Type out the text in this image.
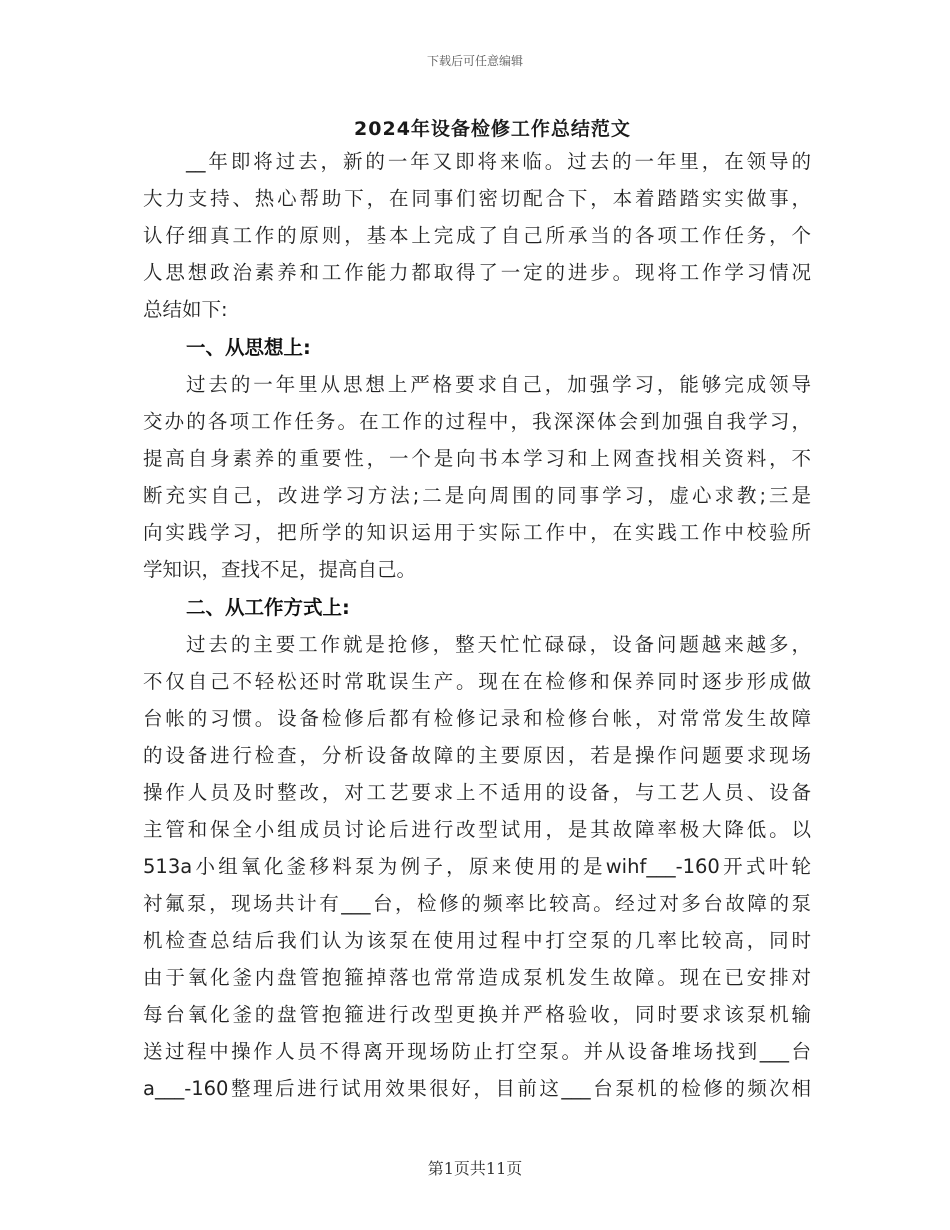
下载后可任意编辑
2024年设备检修工作总结范文
__年即将过去，新的一年又即将来临。过去的一年里，在领导的
大力支持、热心帮助下，在同事们密切配合下，本着踏踏实实做事，
认仔细真工作的原则，基本上完成了自己所承当的各项工作任务，个
人思想政治素养和工作能力都取得了一定的进步。现将工作学习情况
总结如下:
一、从思想上:
过去的一年里从思想上严格要求自己，加强学习，能够完成领导
交办的各项工作任务。在工作的过程中，我深深体会到加强自我学习，
提高自身素养的重要性，一个是向书本学习和上网查找相关资料，不
断充实自己，改进学习方法;二是向周围的同事学习，虚心求教;三是
向实践学习，把所学的知识运用于实际工作中，在实践工作中校验所
学知识，查找不足，提高自己。
二、从工作方式上:
过去的主要工作就是抢修，整天忙忙碌碌，设备问题越来越多，
不仅自己不轻松还时常耽误生产。现在在检修和保养同时逐步形成做
台帐的习惯。设备检修后都有检修记录和检修台帐，对常常发生故障
的设备进行检查，分析设备故障的主要原因，若是操作问题要求现场
操作人员及时整改，对工艺要求上不适用的设备，与工艺人员、设备
主管和保全小组成员讨论后进行改型试用，是其故障率极大降低。以
513a小组氧化釜移料泵为例子，原来使用的是wihf___-160开式叶轮
衬氟泵，现场共计有___台，检修的频率比较高。经过对多台故障的泵
机检查总结后我们认为该泵在使用过程中打空泵的几率比较高，同时
由于氧化釜内盘管抱箍掉落也常常造成泵机发生故障。现在已安排对
每台氧化釜的盘管抱箍进行改型更换并严格验收，同时要求该泵机输
送过程中操作人员不得离开现场防止打空泵。并从设备堆场找到___台
a___-160整理后进行试用效果很好，目前这___台泵机的检修的频次相
第1页共11页
